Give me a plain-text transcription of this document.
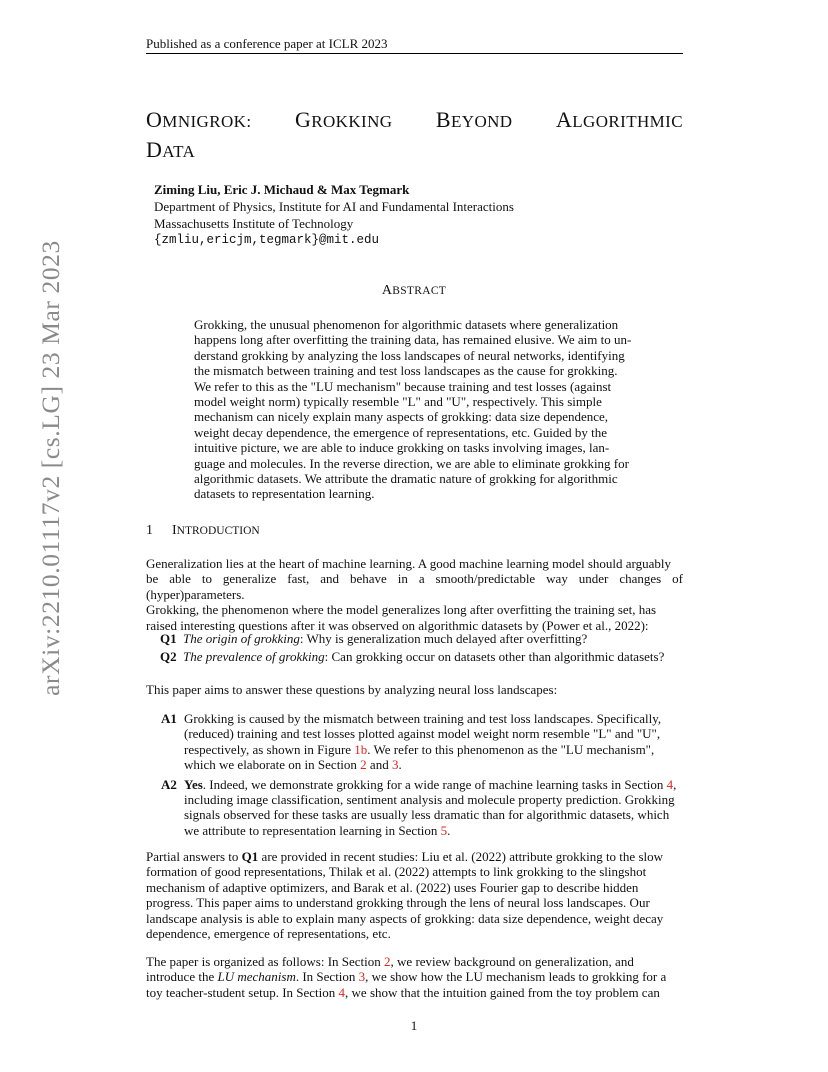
Published as a conference paper at ICLR 2023
arXiv:2210.01117v2 [cs.LG] 23 Mar 2023
OMNIGROK: GROKKING BEYOND ALGORITHMIC
DATA
Ziming Liu, Eric J. Michaud & Max Tegmark
Department of Physics, Institute for AI and Fundamental Interactions
Massachusetts Institute of Technology
{zmliu,ericjm,tegmark}@mit.edu
ABSTRACT
Grokking, the unusual phenomenon for algorithmic datasets where generalization
happens long after overfitting the training data, has remained elusive. We aim to un-
derstand grokking by analyzing the loss landscapes of neural networks, identifying
the mismatch between training and test loss landscapes as the cause for grokking.
We refer to this as the "LU mechanism" because training and test losses (against
model weight norm) typically resemble "L" and "U", respectively. This simple
mechanism can nicely explain many aspects of grokking: data size dependence,
weight decay dependence, the emergence of representations, etc. Guided by the
intuitive picture, we are able to induce grokking on tasks involving images, lan-
guage and molecules. In the reverse direction, we are able to eliminate grokking for
algorithmic datasets. We attribute the dramatic nature of grokking for algorithmic
datasets to representation learning.
1 INTRODUCTION
Generalization lies at the heart of machine learning. A good machine learning model should arguably
be able to generalize fast, and behave in a smooth/predictable way under changes of (hyper)parameters.
Grokking, the phenomenon where the model generalizes long after overfitting the training set, has
raised interesting questions after it was observed on algorithmic datasets by (Power et al., 2022):
Q1 The origin of grokking: Why is generalization much delayed after overfitting?
Q2 The prevalence of grokking: Can grokking occur on datasets other than algorithmic datasets?
This paper aims to answer these questions by analyzing neural loss landscapes:
A1 Grokking is caused by the mismatch between training and test loss landscapes. Specifically,
(reduced) training and test losses plotted against model weight norm resemble "L" and "U",
respectively, as shown in Figure 1b. We refer to this phenomenon as the "LU mechanism",
which we elaborate on in Section 2 and 3.
A2 Yes. Indeed, we demonstrate grokking for a wide range of machine learning tasks in Section 4,
including image classification, sentiment analysis and molecule property prediction. Grokking
signals observed for these tasks are usually less dramatic than for algorithmic datasets, which
we attribute to representation learning in Section 5.
Partial answers to Q1 are provided in recent studies: Liu et al. (2022) attribute grokking to the slow
formation of good representations, Thilak et al. (2022) attempts to link grokking to the slingshot
mechanism of adaptive optimizers, and Barak et al. (2022) uses Fourier gap to describe hidden
progress. This paper aims to understand grokking through the lens of neural loss landscapes. Our
landscape analysis is able to explain many aspects of grokking: data size dependence, weight decay
dependence, emergence of representations, etc.
The paper is organized as follows: In Section 2, we review background on generalization, and
introduce the LU mechanism. In Section 3, we show how the LU mechanism leads to grokking for a
toy teacher-student setup. In Section 4, we show that the intuition gained from the toy problem can
1
